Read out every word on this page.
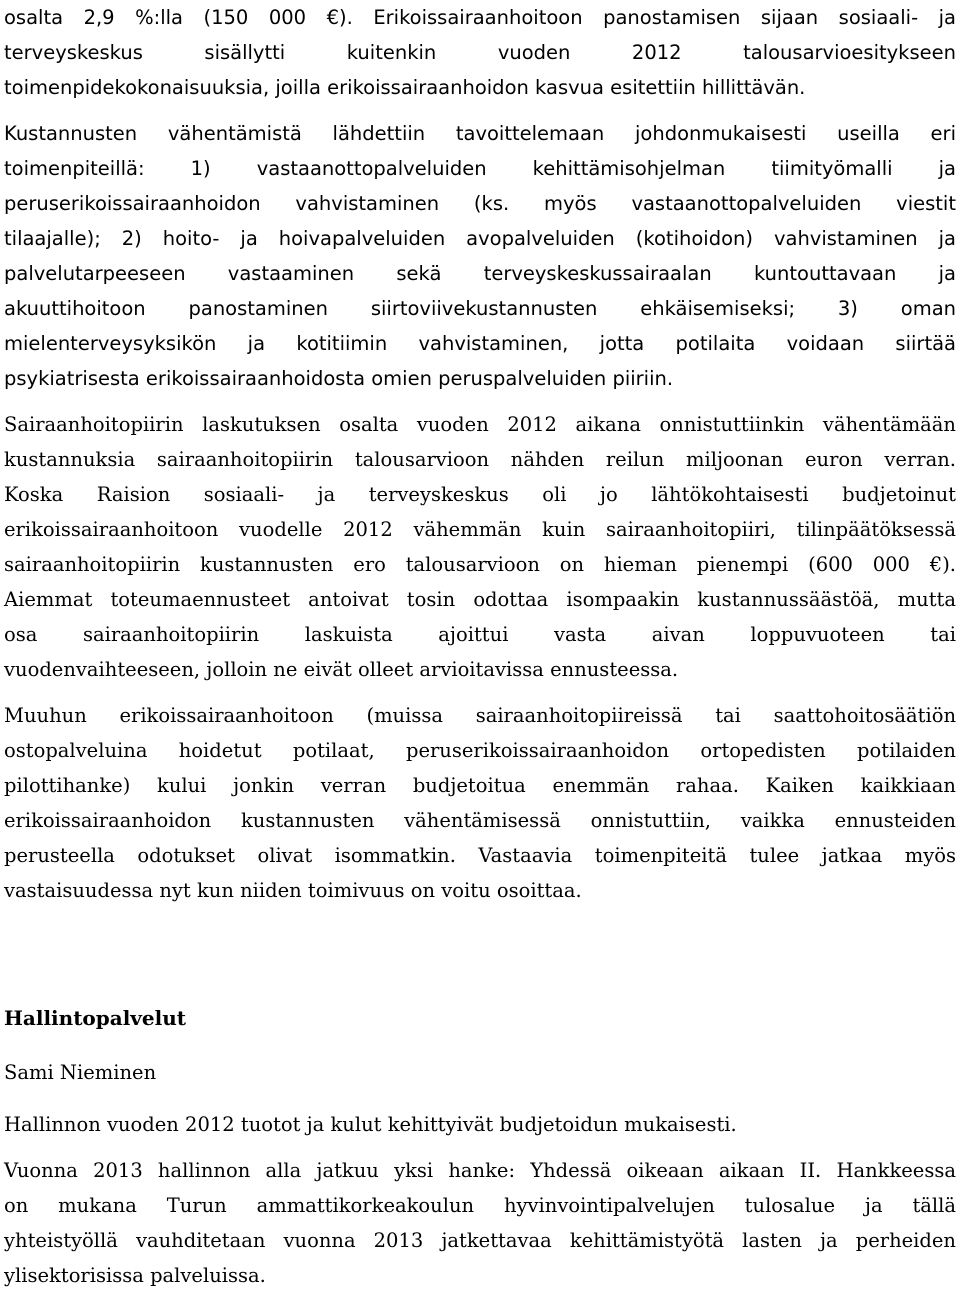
osalta 2,9 %:lla (150 000 €). Erikoissairaanhoitoon panostamisen sijaan sosiaali- ja
terveyskeskus sisällytti kuitenkin vuoden 2012 talousarvioesitykseen
toimenpidekokonaisuuksia, joilla erikoissairaanhoidon kasvua esitettiin hillittävän.
Kustannusten vähentämistä lähdettiin tavoittelemaan johdonmukaisesti useilla eri
toimenpiteillä: 1) vastaanottopalveluiden kehittämisohjelman tiimityömalli ja
peruserikoissairaanhoidon vahvistaminen (ks. myös vastaanottopalveluiden viestit
tilaajalle); 2) hoito- ja hoivapalveluiden avopalveluiden (kotihoidon) vahvistaminen ja
palvelutarpeeseen vastaaminen sekä terveyskeskussairaalan kuntouttavaan ja
akuuttihoitoon panostaminen siirtoviivekustannusten ehkäisemiseksi; 3) oman
mielenterveysyksikön ja kotitiimin vahvistaminen, jotta potilaita voidaan siirtää
psykiatrisesta erikoissairaanhoidosta omien peruspalveluiden piiriin.
Sairaanhoitopiirin laskutuksen osalta vuoden 2012 aikana onnistuttiinkin vähentämään
kustannuksia sairaanhoitopiirin talousarvioon nähden reilun miljoonan euron verran.
Koska Raision sosiaali- ja terveyskeskus oli jo lähtökohtaisesti budjetoinut
erikoissairaanhoitoon vuodelle 2012 vähemmän kuin sairaanhoitopiiri, tilinpäätöksessä
sairaanhoitopiirin kustannusten ero talousarvioon on hieman pienempi (600 000 €).
Aiemmat toteumaennusteet antoivat tosin odottaa isompaakin kustannussäästöä, mutta
osa sairaanhoitopiirin laskuista ajoittui vasta aivan loppuvuoteen tai
vuodenvaihteeseen, jolloin ne eivät olleet arvioitavissa ennusteessa.
Muuhun erikoissairaanhoitoon (muissa sairaanhoitopiireissä tai saattohoitosäätiön
ostopalveluina hoidetut potilaat, peruserikoissairaanhoidon ortopedisten potilaiden
pilottihanke) kului jonkin verran budjetoitua enemmän rahaa. Kaiken kaikkiaan
erikoissairaanhoidon kustannusten vähentämisessä onnistuttiin, vaikka ennusteiden
perusteella odotukset olivat isommatkin. Vastaavia toimenpiteitä tulee jatkaa myös
vastaisuudessa nyt kun niiden toimivuus on voitu osoittaa.
Hallintopalvelut
Sami Nieminen
Hallinnon vuoden 2012 tuotot ja kulut kehittyivät budjetoidun mukaisesti.
Vuonna 2013 hallinnon alla jatkuu yksi hanke: Yhdessä oikeaan aikaan II. Hankkeessa
on mukana Turun ammattikorkeakoulun hyvinvointipalvelujen tulosalue ja tällä
yhteistyöllä vauhditetaan vuonna 2013 jatkettavaa kehittämistyötä lasten ja perheiden
ylisektorisissa palveluissa.
